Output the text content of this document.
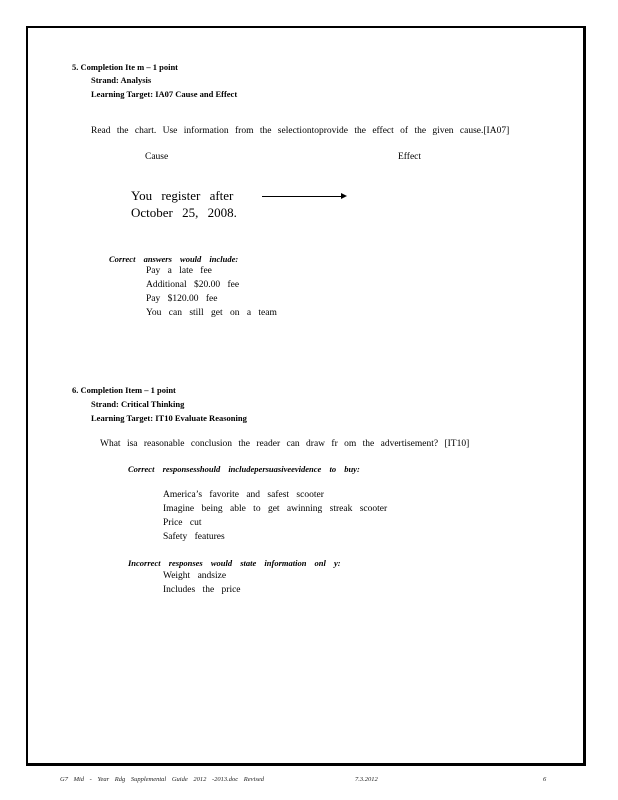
5. Completion Ite m – 1 point
Strand: Analysis
Learning Target: IA07 Cause and Effect
Read the chart. Use information from the selectiontoprovide the effect of the given cause.[IA07]
Cause	Effect
You register after
October 25, 2008.
Correct answers would include:
Pay a late fee
Additional $20.00 fee
Pay $120.00 fee
You can still get on a team
6. Completion Item – 1 point
Strand: Critical Thinking
Learning Target: IT10 Evaluate Reasoning
What isa reasonable conclusion the reader can draw fr om the advertisement? [IT10]
Correct responsesshould includepersuasiveevidence to buy:
America’s favorite and safest scooter
Imagine being able to get awinning streak scooter
Price cut
Safety features
Incorrect responses would state information onl y:
Weight andsize
Includes the price
G7 Mid - Year Rdg Supplemental Guide 2012 -2013.doc Revised	7.3.2012	6
